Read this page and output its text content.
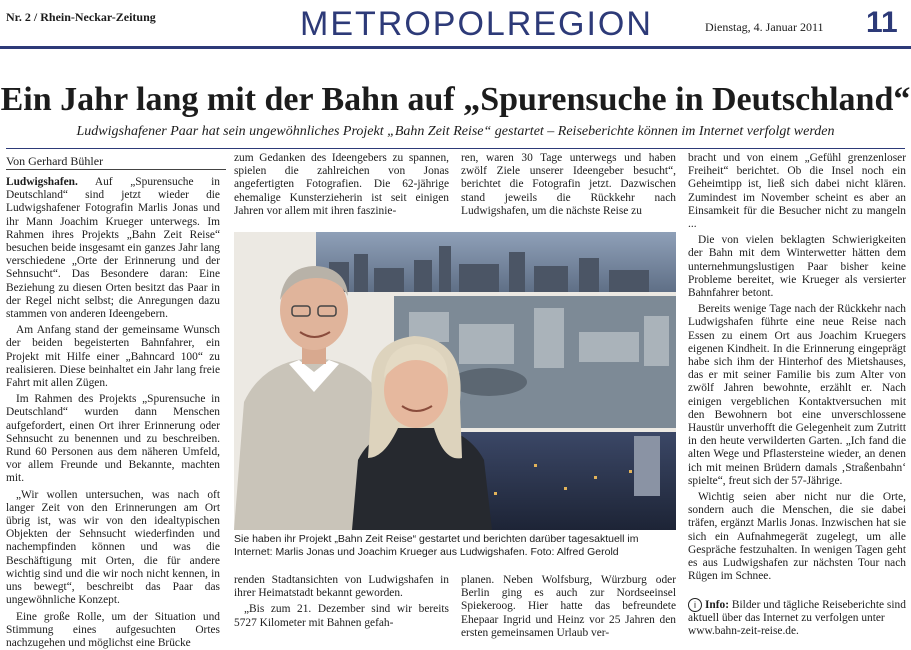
Nr. 2 / Rhein-Neckar-Zeitung	METROPOLREGION	Dienstag, 4. Januar 2011 11
Ein Jahr lang mit der Bahn auf „Spurensuche in Deutschland“
Ludwigshafener Paar hat sein ungewöhnliches Projekt „Bahn Zeit Reise“ gestartet – Reiseberichte können im Internet verfolgt werden
Von Gerhard Bühler

Ludwigshafen. Auf „Spurensuche in Deutschland“ sind jetzt wieder die Ludwigshafener Fotografin Marlis Jonas und ihr Mann Joachim Krueger unterwegs. Im Rahmen ihres Projekts „Bahn Zeit Reise“ besuchen beide insgesamt ein ganzes Jahr lang verschiedene „Orte der Erinnerung und der Sehnsucht“. Das Besondere daran: Eine Beziehung zu diesen Orten besitzt das Paar in der Regel nicht selbst; die Anregungen dazu stammen von anderen Ideengebern.

Am Anfang stand der gemeinsame Wunsch der beiden begeisterten Bahnfahrer, ein Projekt mit Hilfe einer „Bahncard 100“ zu realisieren. Diese beinhaltet ein Jahr lang freie Fahrt mit allen Zügen.

Im Rahmen des Projekts „Spurensuche in Deutschland“ wurden dann Menschen aufgefordert, einen Ort ihrer Erinnerung oder Sehnsucht zu benennen und zu beschreiben. Rund 60 Personen aus dem näheren Umfeld, vor allem Freunde und Bekannte, machten mit.

„Wir wollen untersuchen, was nach oft langer Zeit von den Erinnerungen am Ort übrig ist, was wir von den idealtypischen Objekten der Sehnsucht wiederfinden und nachempfinden können und was die Beschäftigung mit Orten, die für andere wichtig sind und die wir noch nicht kennen, in uns bewegt“, beschreibt das Paar das ungewöhnliche Konzept.

Eine große Rolle, um der Situation und Stimmung eines aufgesuchten Ortes nachzugehen und möglichst eine Brücke

zum Gedanken des Ideengebers zu spannen, spielen die zahlreichen von Jonas angefertigten Fotografien. Die 62-jährige ehemalige Kunsterzieherin ist seit einigen Jahren vor allem mit ihren faszinie-

ren, waren 30 Tage unterwegs und haben zwölf Ziele unserer Ideengeber besucht“, berichtet die Fotografin jetzt. Dazwischen stand jeweils die Rückkehr nach Ludwigshafen, um die nächste Reise zu

Sie haben ihr Projekt „Bahn Zeit Reise“ gestartet und berichten darüber tagesaktuell im Internet: Marlis Jonas und Joachim Krueger aus Ludwigshafen. Foto: Alfred Gerold

renden Stadtansichten von Ludwigshafen in ihrer Heimatstadt bekannt geworden.

„Bis zum 21. Dezember sind wir bereits 5727 Kilometer mit Bahnen gefah-

planen. Neben Wolfsburg, Würzburg oder Berlin ging es auch zur Nordseeinsel Spiekeroog. Hier hatte das befreundete Ehepaar Ingrid und Heinz vor 25 Jahren den ersten gemeinsamen Urlaub ver-

bracht und von einem „Gefühl grenzenloser Freiheit“ berichtet. Ob die Insel noch ein Geheimtipp ist, ließ sich dabei nicht klären. Zumindest im November scheint es aber an Einsamkeit für die Besucher nicht zu mangeln ...

Die von vielen beklagten Schwierigkeiten der Bahn mit dem Winterwetter hätten dem unternehmungslustigen Paar bisher keine Probleme bereitet, wie Krueger als versierter Bahnfahrer betont.

Bereits wenige Tage nach der Rückkehr nach Ludwigshafen führte eine neue Reise nach Essen zu einem Ort aus Joachim Kruegers eigenen Kindheit. In die Erinnerung eingeprägt habe sich ihm der Hinterhof des Mietshauses, das er mit seiner Familie bis zum Alter von zwölf Jahren bewohnte, erzählt er. Nach einigen vergeblichen Kontaktversuchen mit den Bewohnern bot eine unverschlossene Haustür unverhofft die Gelegenheit zum Zutritt in den heute verwilderten Garten. „Ich fand die alten Wege und Pflastersteine wieder, an denen ich mit meinen Brüdern damals ‚Straßenbahn‘ spielte“, freut sich der 57-Jährige.

Wichtig seien aber nicht nur die Orte, sondern auch die Menschen, die sie dabei träfen, ergänzt Marlis Jonas. Inzwischen hat sie sich ein Aufnahmegerät zugelegt, um alle Gespräche festzuhalten. In wenigen Tagen geht es aus Ludwigshafen zur nächsten Tour nach Rügen im Schnee.

i Info: Bilder und tägliche Reiseberichte sind aktuell über das Internet zu verfolgen unter www.bahn-zeit-reise.de.
